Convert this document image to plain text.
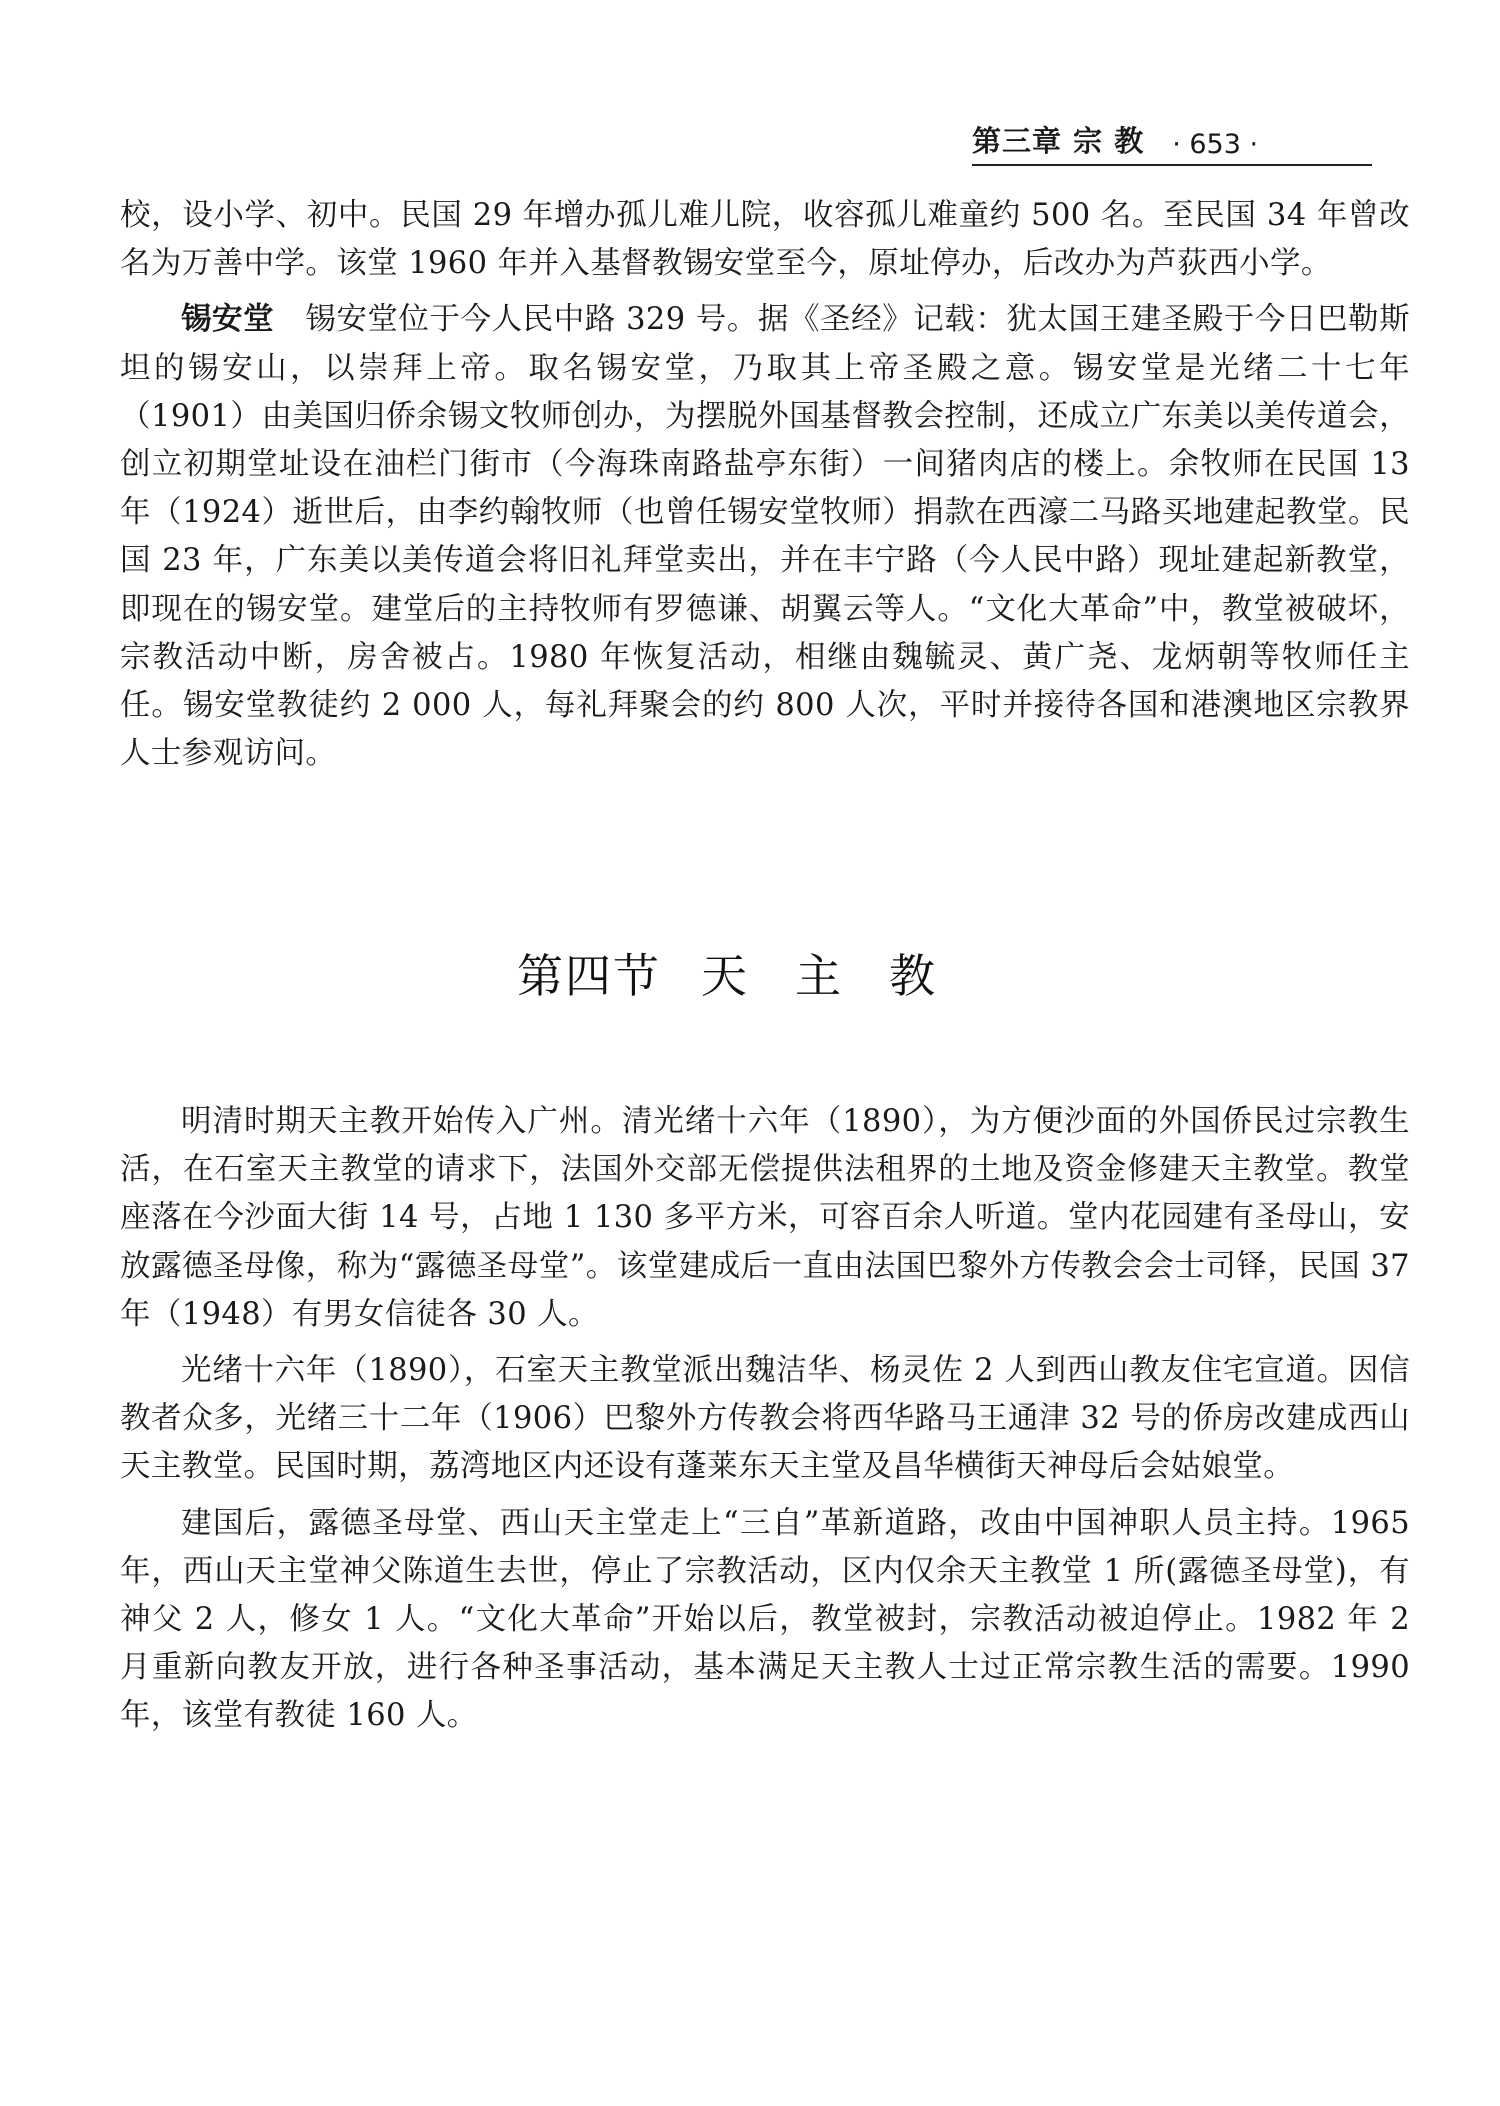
第三章 宗 教 · 653 ·

校，设小学、初中。民国 29 年增办孤儿难儿院，收容孤儿难童约 500 名。至民国 34 年曾改名为万善中学。该堂 1960 年并入基督教锡安堂至今，原址停办，后改办为芦荻西小学。

锡安堂  锡安堂位于今人民中路 329 号。据《圣经》记载：犹太国王建圣殿于今日巴勒斯坦的锡安山，以崇拜上帝。取名锡安堂，乃取其上帝圣殿之意。锡安堂是光绪二十七年（1901）由美国归侨余锡文牧师创办，为摆脱外国基督教会控制，还成立广东美以美传道会，创立初期堂址设在油栏门街市（今海珠南路盐亭东街）一间猪肉店的楼上。余牧师在民国 13 年（1924）逝世后，由李约翰牧师（也曾任锡安堂牧师）捐款在西濠二马路买地建起教堂。民国 23 年，广东美以美传道会将旧礼拜堂卖出，并在丰宁路（今人民中路）现址建起新教堂，即现在的锡安堂。建堂后的主持牧师有罗德谦、胡翼云等人。“文化大革命”中，教堂被破坏，宗教活动中断，房舍被占。1980 年恢复活动，相继由魏毓灵、黄广尧、龙炳朝等牧师任主任。锡安堂教徒约 2 000 人，每礼拜聚会的约 800 人次，平时并接待各国和港澳地区宗教界人士参观访问。

第四节 天主教

明清时期天主教开始传入广州。清光绪十六年（1890），为方便沙面的外国侨民过宗教生活，在石室天主教堂的请求下，法国外交部无偿提供法租界的土地及资金修建天主教堂。教堂座落在今沙面大街 14 号，占地 1 130 多平方米，可容百余人听道。堂内花园建有圣母山，安放露德圣母像，称为“露德圣母堂”。该堂建成后一直由法国巴黎外方传教会会士司铎，民国 37 年（1948）有男女信徒各 30 人。

光绪十六年（1890），石室天主教堂派出魏洁华、杨灵佐 2 人到西山教友住宅宣道。因信教者众多，光绪三十二年（1906）巴黎外方传教会将西华路马王通津 32 号的侨房改建成西山天主教堂。民国时期，荔湾地区内还设有蓬莱东天主堂及昌华横街天神母后会姑娘堂。

建国后，露德圣母堂、西山天主堂走上“三自”革新道路，改由中国神职人员主持。1965 年，西山天主堂神父陈道生去世，停止了宗教活动，区内仅余天主教堂 1 所(露德圣母堂)，有神父 2 人，修女 1 人。“文化大革命”开始以后，教堂被封，宗教活动被迫停止。1982 年 2 月重新向教友开放，进行各种圣事活动，基本满足天主教人士过正常宗教生活的需要。1990 年，该堂有教徒 160 人。
